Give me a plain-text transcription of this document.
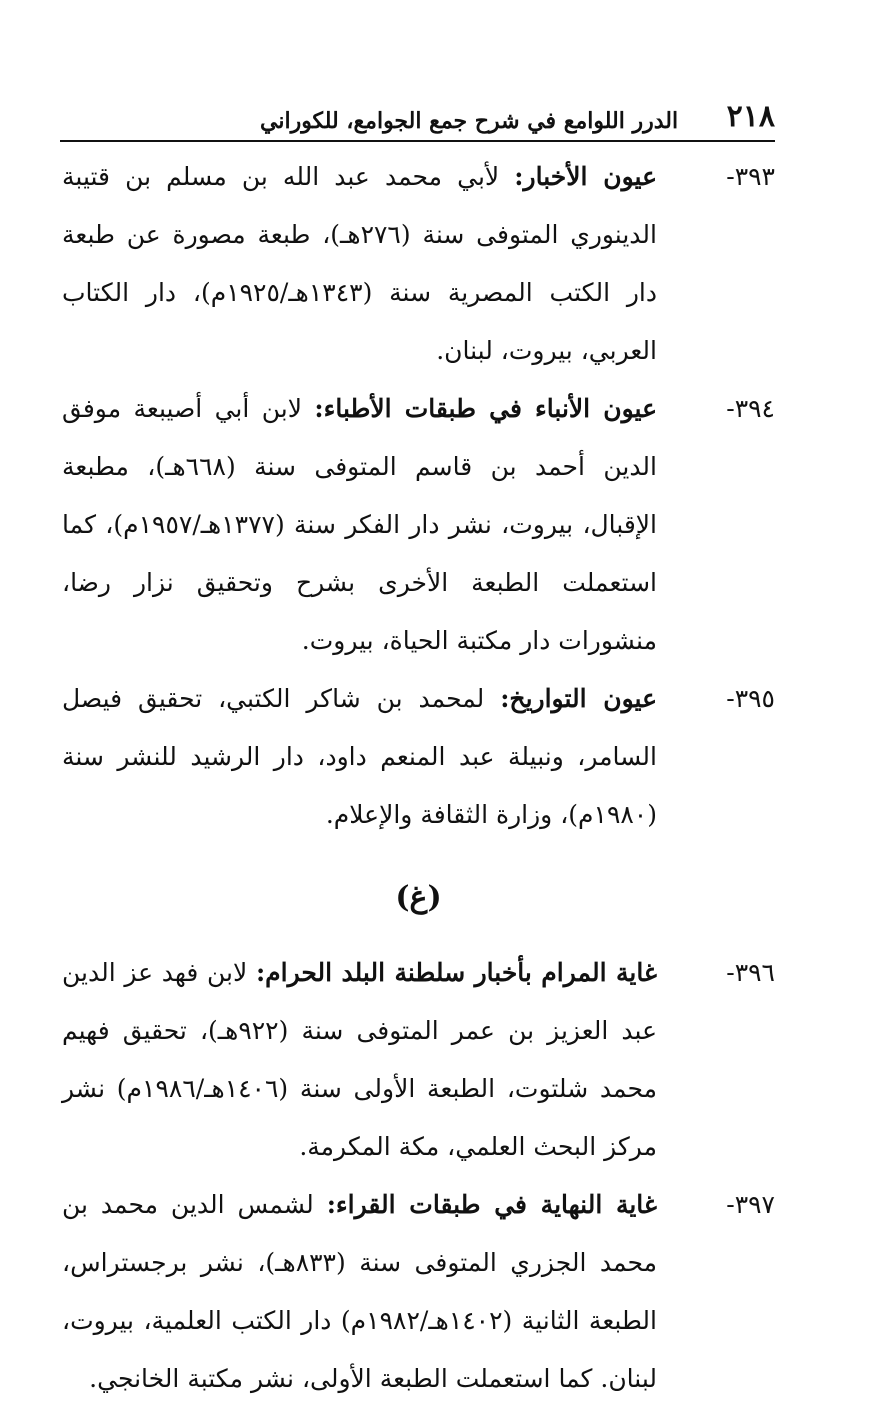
٢١٨
الدرر اللوامع في شرح جمع الجوامع، للكوراني
٣٩٣-
عيون الأخبار: لأبي محمد عبد الله بن مسلم بن قتيبة الدينوري المتوفى سنة (٢٧٦هـ)، طبعة مصورة عن طبعة دار الكتب المصرية سنة (١٣٤٣هـ/١٩٢٥م)، دار الكتاب العربي، بيروت، لبنان.
٣٩٤-
عيون الأنباء في طبقات الأطباء: لابن أبي أصيبعة موفق الدين أحمد بن قاسم المتوفى سنة (٦٦٨هـ)، مطبعة الإقبال، بيروت، نشر دار الفكر سنة (١٣٧٧هـ/١٩٥٧م)، كما استعملت الطبعة الأخرى بشرح وتحقيق نزار رضا، منشورات دار مكتبة الحياة، بيروت.
٣٩٥-
عيون التواريخ: لمحمد بن شاكر الكتبي، تحقيق فيصل السامر، ونبيلة عبد المنعم داود، دار الرشيد للنشر سنة (١٩٨٠م)، وزارة الثقافة والإعلام.
(غ)
٣٩٦-
غاية المرام بأخبار سلطنة البلد الحرام: لابن فهد عز الدين عبد العزيز بن عمر المتوفى سنة (٩٢٢هـ)، تحقيق فهيم محمد شلتوت، الطبعة الأولى سنة (١٤٠٦هـ/١٩٨٦م) نشر مركز البحث العلمي، مكة المكرمة.
٣٩٧-
غاية النهاية في طبقات القراء: لشمس الدين محمد بن محمد الجزري المتوفى سنة (٨٣٣هـ)، نشر برجستراس، الطبعة الثانية (١٤٠٢هـ/١٩٨٢م) دار الكتب العلمية، بيروت، لبنان. كما استعملت الطبعة الأولى، نشر مكتبة الخانجي.
